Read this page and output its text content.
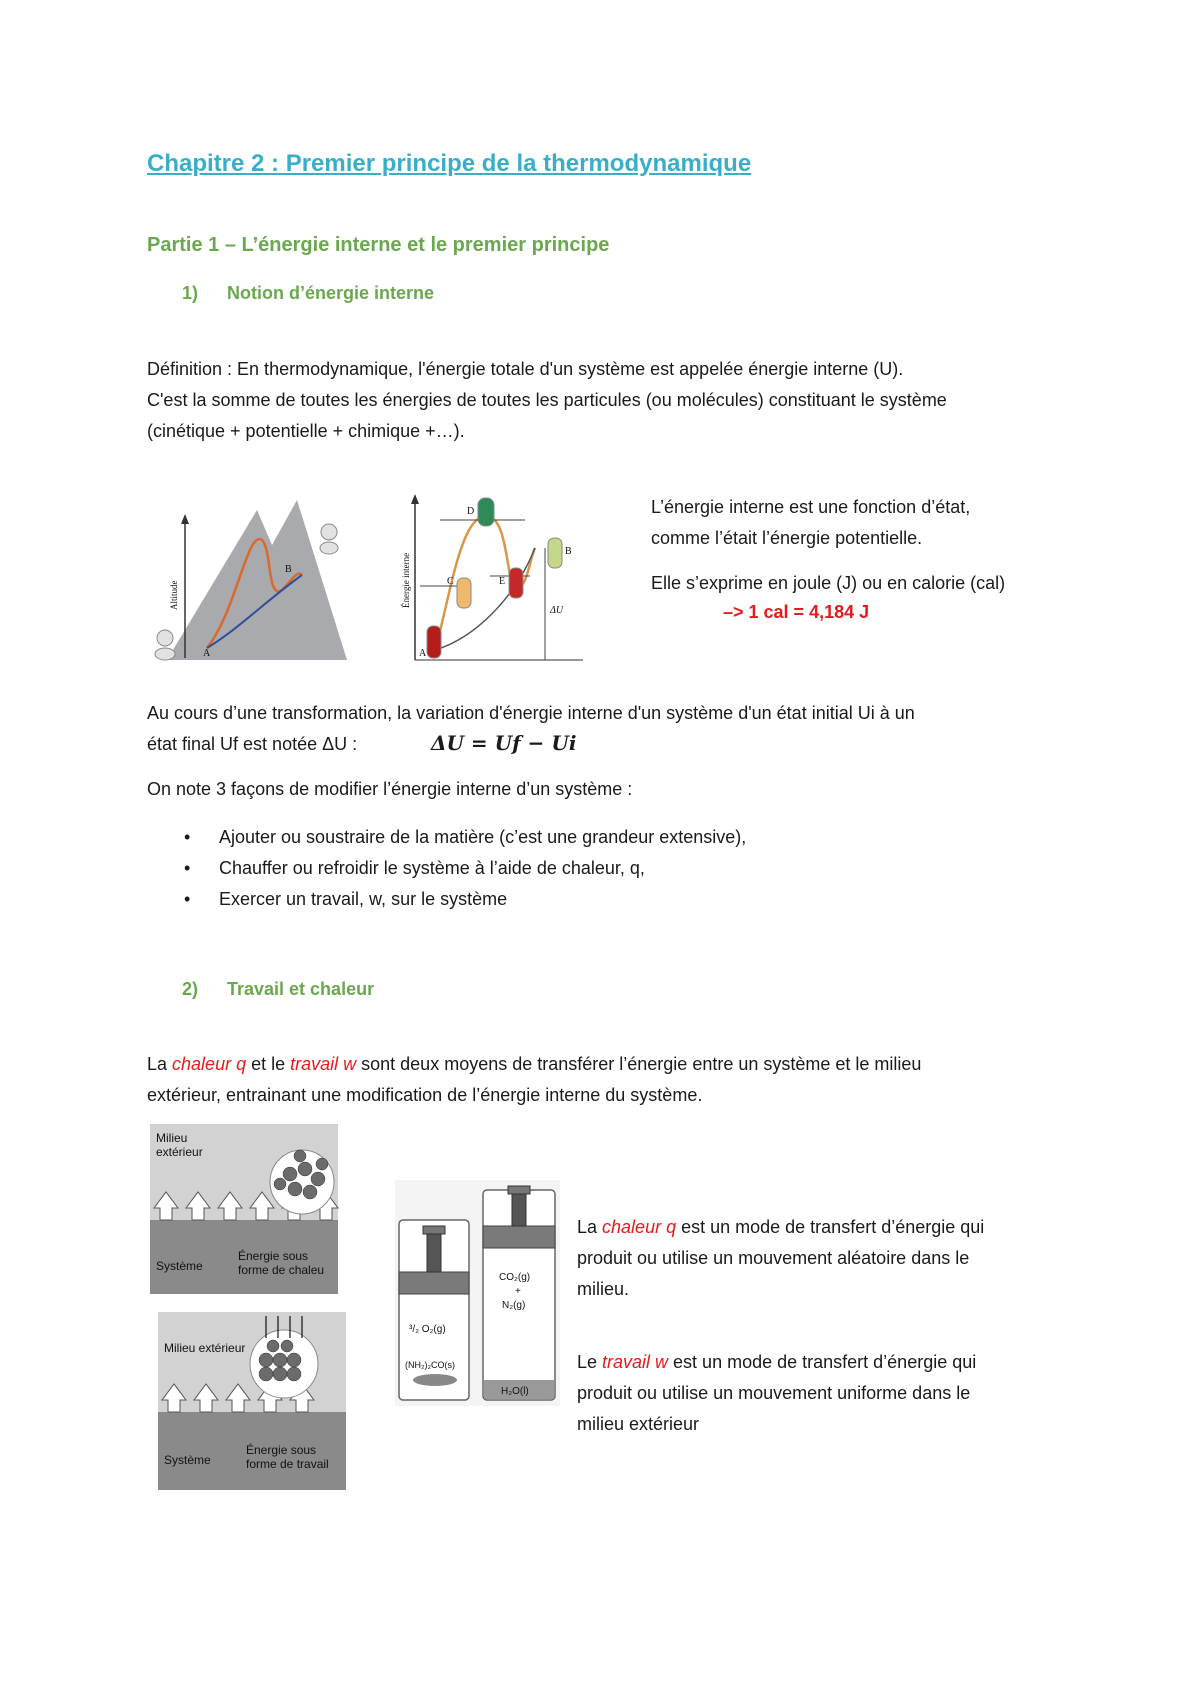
Chapitre 2 : Premier principe de la thermodynamique
Partie 1 – L’énergie interne et le premier principe
1) Notion d’énergie interne
Définition : En thermodynamique, l'énergie totale d'un système est appelée énergie interne (U).
C'est la somme de toutes les énergies de toutes les particules (ou molécules) constituant le système
(cinétique + potentielle + chimique +…).
A
B
Altitude	Énergie interne
A
B
C
D
E
ΔU
L’énergie interne est une fonction d’état,
comme l’était l’énergie potentielle.
Elle s’exprime en joule (J) ou en calorie (cal)
–> 1 cal = 4,184 J
Au cours d’une transformation, la variation d'énergie interne d'un système d'un état initial Ui à un
état final Uf est notée ΔU :	ΔU = Uf − Ui
On note 3 façons de modifier l’énergie interne d’un système :
• Ajouter ou soustraire de la matière (c’est une grandeur extensive),
• Chauffer ou refroidir le système à l’aide de chaleur, q,
• Exercer un travail, w, sur le système
2) Travail et chaleur
La chaleur q et le travail w sont deux moyens de transférer l’énergie entre un système et le milieu
extérieur, entrainant une modification de l’énergie interne du système.
Milieu
extérieur
Système
Énergie sous
forme de chaleu
Milieu extérieur
Système
Énergie sous
forme de travail
³/₂ O₂(g)
(NH₂)₂CO(s)
CO₂(g)
+
N₂(g)
H₂O(l)
La chaleur q est un mode de transfert d’énergie qui
produit ou utilise un mouvement aléatoire dans le
milieu.
Le travail w est un mode de transfert d’énergie qui
produit ou utilise un mouvement uniforme dans le
milieu extérieur
